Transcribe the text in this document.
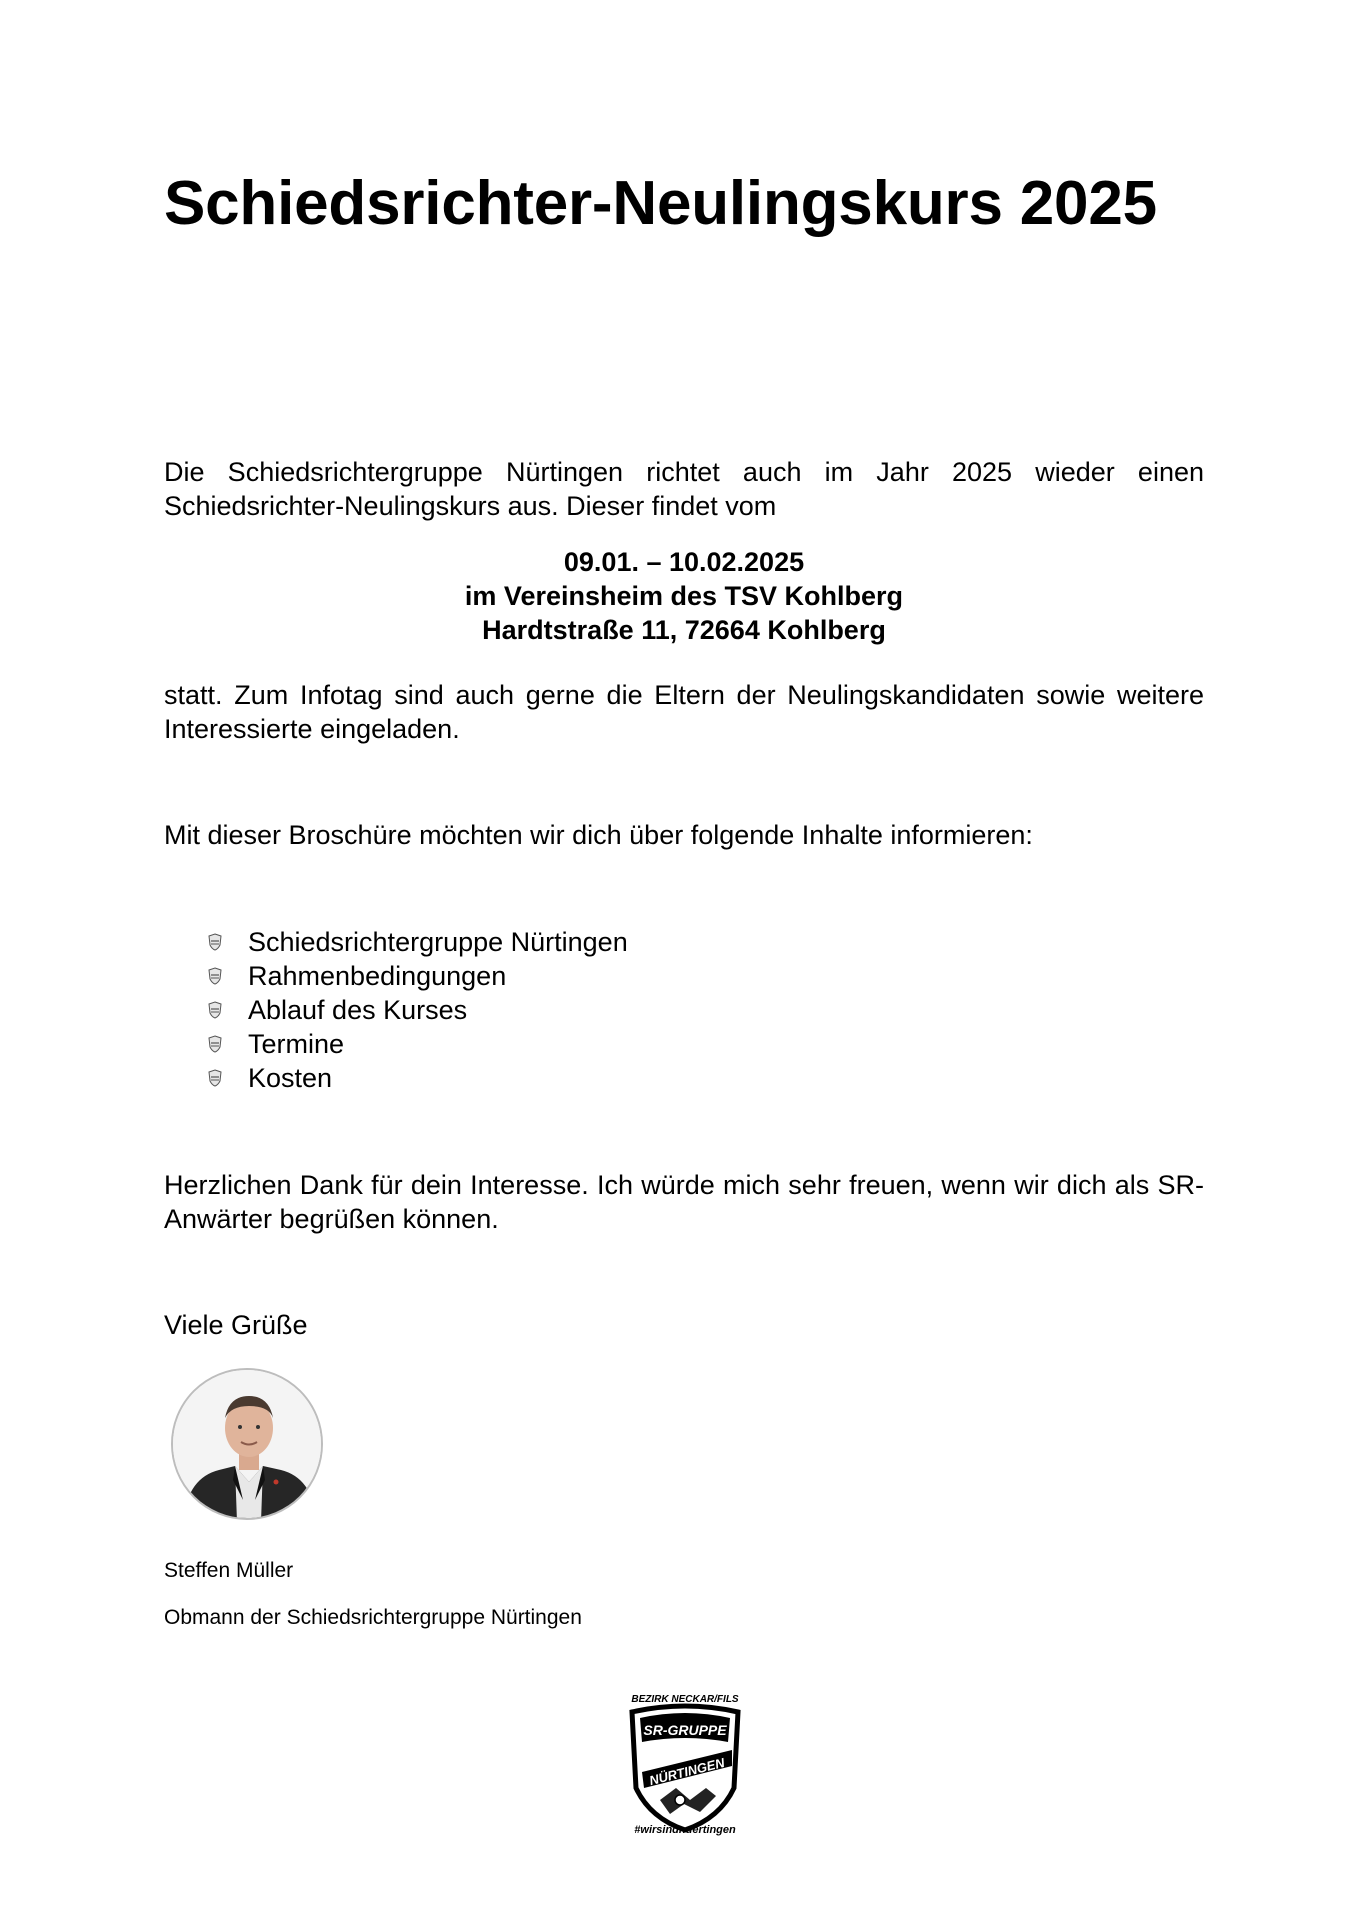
Schiedsrichter-Neulingskurs 2025

Die Schiedsrichtergruppe Nürtingen richtet auch im Jahr 2025 wieder einen Schiedsrichter-Neulingskurs aus. Dieser findet vom

09.01. – 10.02.2025
im Vereinsheim des TSV Kohlberg
Hardtstraße 11, 72664 Kohlberg

statt. Zum Infotag sind auch gerne die Eltern der Neulingskandidaten sowie weitere Interessierte eingeladen.

Mit dieser Broschüre möchten wir dich über folgende Inhalte informieren:

Schiedsrichtergruppe Nürtingen
Rahmenbedingungen
Ablauf des Kurses
Termine
Kosten

Herzlichen Dank für dein Interesse. Ich würde mich sehr freuen, wenn wir dich als SR-Anwärter begrüßen können.

Viele Grüße

Steffen Müller

Obmann der Schiedsrichtergruppe Nürtingen

BEZIRK NECKAR/FILS
SR-GRUPPE
NÜRTINGEN
#wirsindnuertingen
